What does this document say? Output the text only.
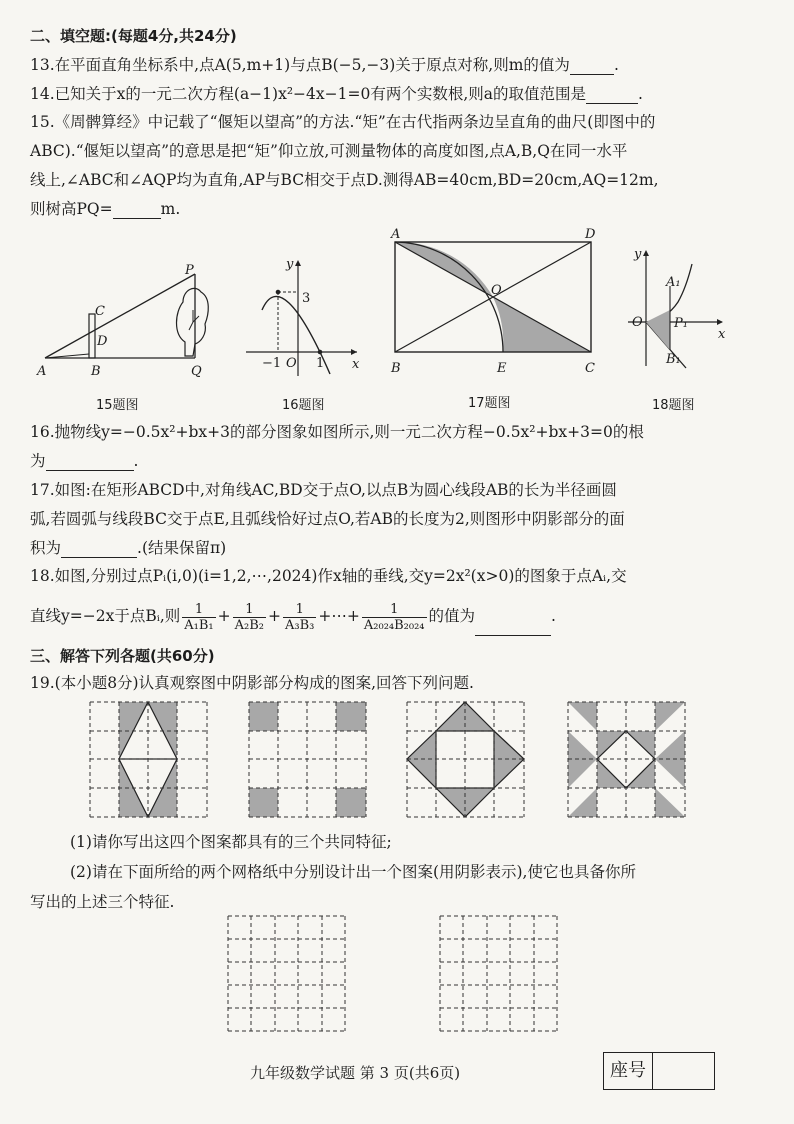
二、填空题:(每题4分,共24分)
13.在平面直角坐标系中,点A(5,m+1)与点B(−5,−3)关于原点对称,则m的值为	.
14.已知关于x的一元二次方程(a−1)x²−4x−1=0有两个实数根,则a的取值范围是	.
15.《周髀算经》中记载了“偃矩以望高”的方法.“矩”在古代指两条边呈直角的曲尺(即图中的
ABC).“偃矩以望高”的意思是把“矩”仰立放,可测量物体的高度如图,点A,B,Q在同一水平
线上,∠ABC和∠AQP均为直角,AP与BC相交于点D.测得AB=40cm,BD=20cm,AQ=12m,
则树高PQ=	m.
A	B
C
D
P
Q
15题图
y
x
O
3
−1	1
16题图
A	D
O
B	E	C
17题图
y
x
O
A₁
P₁
B₁
18题图
16.抛物线y=−0.5x²+bx+3的部分图象如图所示,则一元二次方程−0.5x²+bx+3=0的根
为	.
17.如图:在矩形ABCD中,对角线AC,BD交于点O,以点B为圆心线段AB的长为半径画圆
弧,若圆弧与线段BC交于点E,且弧线恰好过点O,若AB的长度为2,则图形中阴影部分的面
积为	.(结果保留π)
18.如图,分别过点Pᵢ(i,0)(i=1,2,⋯,2024)作x轴的垂线,交y=2x²(x>0)的图象于点Aᵢ,交
直线y=−2x于点Bᵢ,则 $\frac{1}{\text{A₁B₁}} + \frac{1}{\text{A₂B₂}} + \frac{1}{\text{A₃B₃}}$ +⋯+ $\frac{1}{\text{A₂₀₂₄B₂₀₂₄}}$ 的值为	.
三、解答下列各题(共60分)
19.(本小题8分)认真观察图中阴影部分构成的图案,回答下列问题.
(1)请你写出这四个图案都具有的三个共同特征;
(2)请在下面所给的两个网格纸中分别设计出一个图案(用阴影表示),使它也具备你所
写出的上述三个特征.
九年级数学试题 第 3 页(共6页)	座号
